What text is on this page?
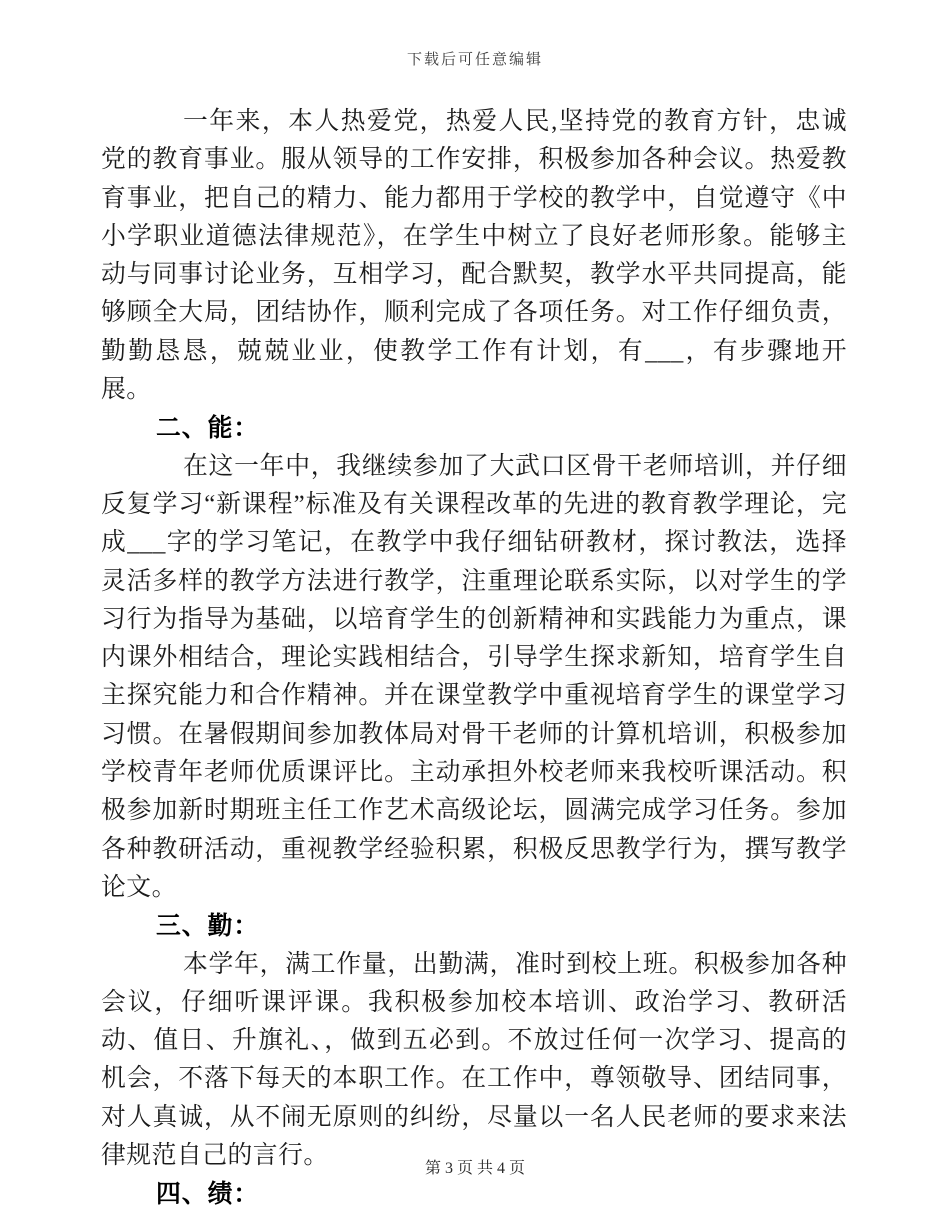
下载后可任意编辑

一年来，本人热爱党，热爱人民,坚持党的教育方针，忠诚党的教育事业。服从领导的工作安排，积极参加各种会议。热爱教育事业，把自己的精力、能力都用于学校的教学中，自觉遵守《中小学职业道德法律规范》，在学生中树立了良好老师形象。能够主动与同事讨论业务，互相学习，配合默契，教学水平共同提高，能够顾全大局，团结协作，顺利完成了各项任务。对工作仔细负责，勤勤恳恳，兢兢业业，使教学工作有计划，有___，有步骤地开展。

二、能：

在这一年中，我继续参加了大武口区骨干老师培训，并仔细反复学习“新课程”标准及有关课程改革的先进的教育教学理论，完成___字的学习笔记，在教学中我仔细钻研教材，探讨教法，选择灵活多样的教学方法进行教学，注重理论联系实际，以对学生的学习行为指导为基础，以培育学生的创新精神和实践能力为重点，课内课外相结合，理论实践相结合，引导学生探求新知，培育学生自主探究能力和合作精神。并在课堂教学中重视培育学生的课堂学习习惯。在暑假期间参加教体局对骨干老师的计算机培训，积极参加学校青年老师优质课评比。主动承担外校老师来我校听课活动。积极参加新时期班主任工作艺术高级论坛，圆满完成学习任务。参加各种教研活动，重视教学经验积累，积极反思教学行为，撰写教学论文。

三、勤：

本学年，满工作量，出勤满，准时到校上班。积极参加各种会议，仔细听课评课。我积极参加校本培训、政治学习、教研活动、值日、升旗礼、，做到五必到。不放过任何一次学习、提高的机会，不落下每天的本职工作。在工作中，尊领敬导、团结同事，对人真诚，从不闹无原则的纠纷，尽量以一名人民老师的要求来法律规范自己的言行。

四、绩：
第 3 页 共 4 页
